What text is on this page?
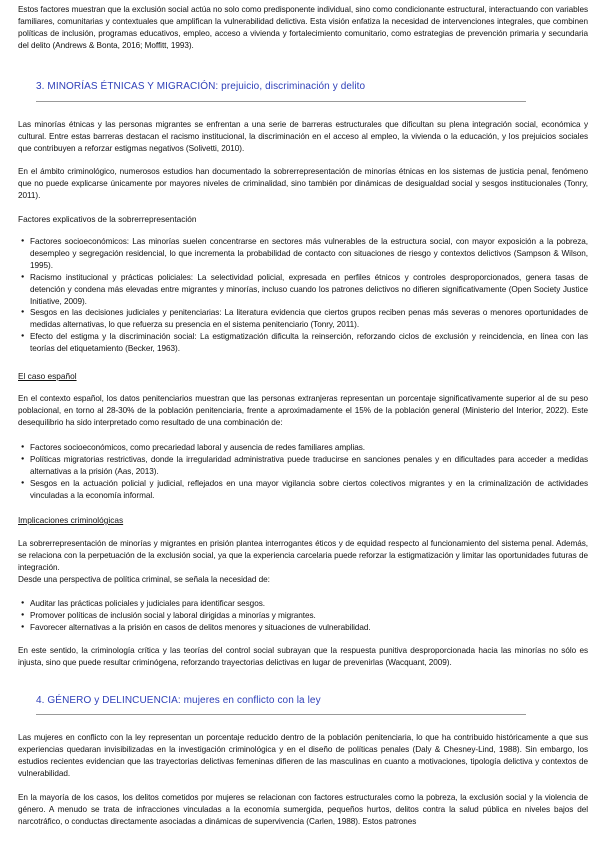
Estos factores muestran que la exclusión social actúa no solo como predisponente individual, sino como condicionante estructural, interactuando con variables familiares, comunitarias y contextuales que amplifican la vulnerabilidad delictiva. Esta visión enfatiza la necesidad de intervenciones integrales, que combinen políticas de inclusión, programas educativos, empleo, acceso a vivienda y fortalecimiento comunitario, como estrategias de prevención primaria y secundaria del delito (Andrews & Bonta, 2016; Moffitt, 1993).

3. MINORÍAS ÉTNICAS Y MIGRACIÓN: prejuicio, discriminación y delito

Las minorías étnicas y las personas migrantes se enfrentan a una serie de barreras estructurales que dificultan su plena integración social, económica y cultural. Entre estas barreras destacan el racismo institucional, la discriminación en el acceso al empleo, la vivienda o la educación, y los prejuicios sociales que contribuyen a reforzar estigmas negativos (Solivetti, 2010).

En el ámbito criminológico, numerosos estudios han documentado la sobrerrepresentación de minorías étnicas en los sistemas de justicia penal, fenómeno que no puede explicarse únicamente por mayores niveles de criminalidad, sino también por dinámicas de desigualdad social y sesgos institucionales (Tonry, 2011).

Factores explicativos de la sobrerrepresentación
● Factores socioeconómicos: Las minorías suelen concentrarse en sectores más vulnerables de la estructura social, con mayor exposición a la pobreza, desempleo y segregación residencial, lo que incrementa la probabilidad de contacto con situaciones de riesgo y contextos delictivos (Sampson & Wilson, 1995).
● Racismo institucional y prácticas policiales: La selectividad policial, expresada en perfiles étnicos y controles desproporcionados, genera tasas de detención y condena más elevadas entre migrantes y minorías, incluso cuando los patrones delictivos no difieren significativamente (Open Society Justice Initiative, 2009).
● Sesgos en las decisiones judiciales y penitenciarias: La literatura evidencia que ciertos grupos reciben penas más severas o menores oportunidades de medidas alternativas, lo que refuerza su presencia en el sistema penitenciario (Tonry, 2011).
● Efecto del estigma y la discriminación social: La estigmatización dificulta la reinserción, reforzando ciclos de exclusión y reincidencia, en línea con las teorías del etiquetamiento (Becker, 1963).
El caso español

En el contexto español, los datos penitenciarios muestran que las personas extranjeras representan un porcentaje significativamente superior al de su peso poblacional, en torno al 28-30% de la población penitenciaria, frente a aproximadamente el 15% de la población general (Ministerio del Interior, 2022). Este desequilibrio ha sido interpretado como resultado de una combinación de:

● Factores socioeconómicos, como precariedad laboral y ausencia de redes familiares amplias.
● Políticas migratorias restrictivas, donde la irregularidad administrativa puede traducirse en sanciones penales y en dificultades para acceder a medidas alternativas a la prisión (Aas, 2013).
● Sesgos en la actuación policial y judicial, reflejados en una mayor vigilancia sobre ciertos colectivos migrantes y en la criminalización de actividades vinculadas a la economía informal.
Implicaciones criminológicas

La sobrerrepresentación de minorías y migrantes en prisión plantea interrogantes éticos y de equidad respecto al funcionamiento del sistema penal. Además, se relaciona con la perpetuación de la exclusión social, ya que la experiencia carcelaria puede reforzar la estigmatización y limitar las oportunidades futuras de integración.

Desde una perspectiva de política criminal, se señala la necesidad de:

● Auditar las prácticas policiales y judiciales para identificar sesgos.
● Promover políticas de inclusión social y laboral dirigidas a minorías y migrantes.
● Favorecer alternativas a la prisión en casos de delitos menores y situaciones de vulnerabilidad.

En este sentido, la criminología crítica y las teorías del control social subrayan que la respuesta punitiva desproporcionada hacia las minorías no sólo es injusta, sino que puede resultar criminógena, reforzando trayectorias delictivas en lugar de prevenirlas (Wacquant, 2009).

4. GÉNERO y DELINCUENCIA: mujeres en conflicto con la ley

Las mujeres en conflicto con la ley representan un porcentaje reducido dentro de la población penitenciaria, lo que ha contribuido históricamente a que sus experiencias quedaran invisibilizadas en la investigación criminológica y en el diseño de políticas penales (Daly & Chesney-Lind, 1988). Sin embargo, los estudios recientes evidencian que las trayectorias delictivas femeninas difieren de las masculinas en cuanto a motivaciones, tipología delictiva y contextos de vulnerabilidad.

En la mayoría de los casos, los delitos cometidos por mujeres se relacionan con factores estructurales como la pobreza, la exclusión social y la violencia de género. A menudo se trata de infracciones vinculadas a la economía sumergida, pequeños hurtos, delitos contra la salud pública en niveles bajos del narcotráfico, o conductas directamente asociadas a dinámicas de supervivencia (Carlen, 1988). Estos patrones
